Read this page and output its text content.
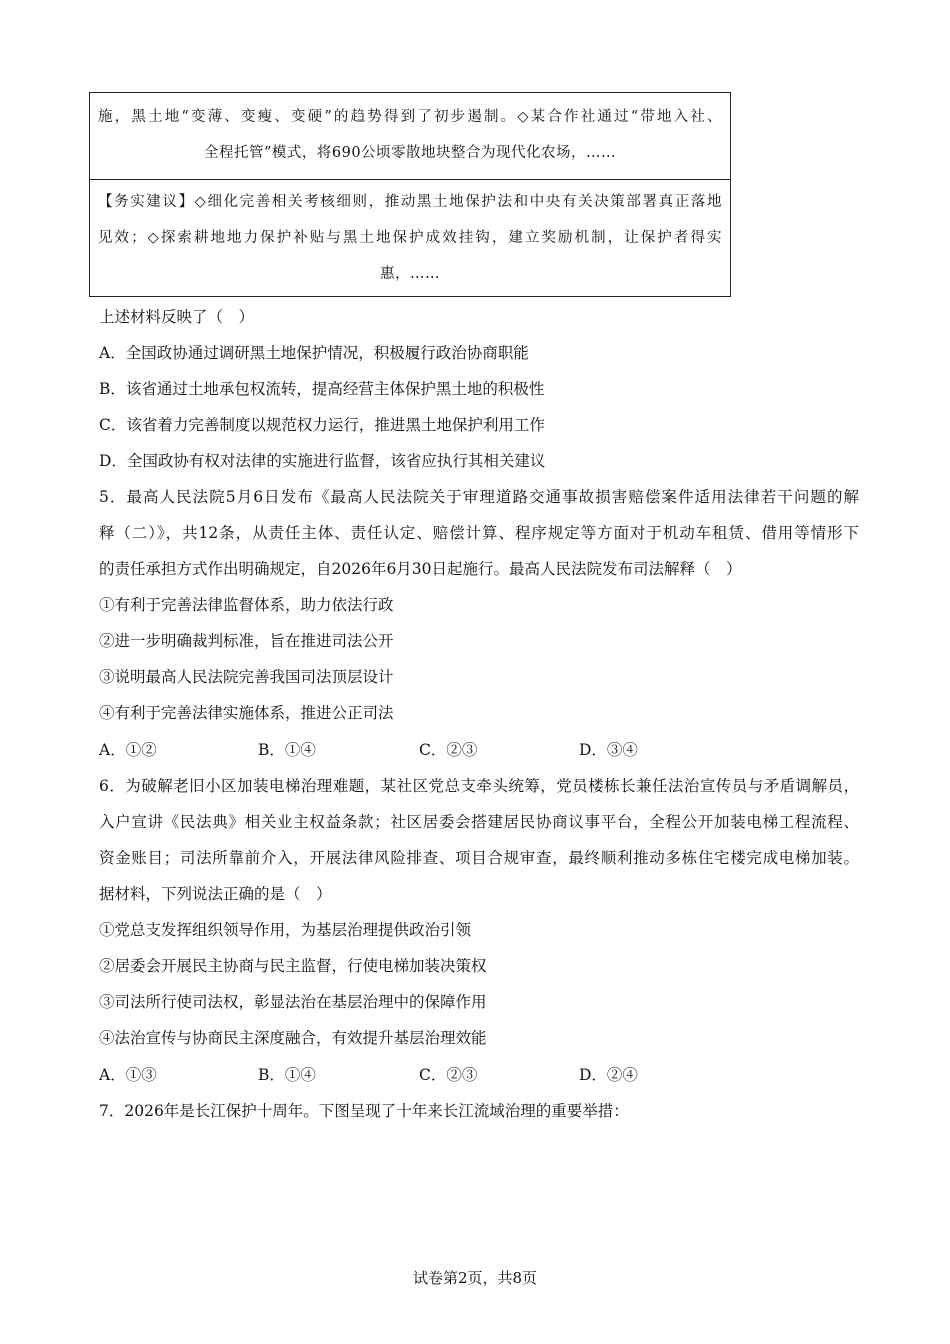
施，黑土地“变薄、变瘦、变硬”的趋势得到了初步遏制。◇某合作社通过“带地入社、
全程托管”模式，将690公顷零散地块整合为现代化农场，……
【务实建议】◇细化完善相关考核细则，推动黑土地保护法和中央有关决策部署真正落地
见效；◇探索耕地地力保护补贴与黑土地保护成效挂钩，建立奖励机制，让保护者得实
惠，……
上述材料反映了（　）
A．全国政协通过调研黑土地保护情况，积极履行政治协商职能
B．该省通过土地承包权流转，提高经营主体保护黑土地的积极性
C．该省着力完善制度以规范权力运行，推进黑土地保护利用工作
D．全国政协有权对法律的实施进行监督，该省应执行其相关建议
5．最高人民法院5月6日发布《最高人民法院关于审理道路交通事故损害赔偿案件适用法律若干问题的解
释（二）》，共12条，从责任主体、责任认定、赔偿计算、程序规定等方面对于机动车租赁、借用等情形下
的责任承担方式作出明确规定，自2026年6月30日起施行。最高人民法院发布司法解释（　）
①有利于完善法律监督体系，助力依法行政
②进一步明确裁判标准，旨在推进司法公开
③说明最高人民法院完善我国司法顶层设计
④有利于完善法律实施体系，推进公正司法
A．①②	B．①④	C．②③	D．③④
6．为破解老旧小区加装电梯治理难题，某社区党总支牵头统筹，党员楼栋长兼任法治宣传员与矛盾调解员，
入户宣讲《民法典》相关业主权益条款；社区居委会搭建居民协商议事平台，全程公开加装电梯工程流程、
资金账目；司法所靠前介入，开展法律风险排查、项目合规审查，最终顺利推动多栋住宅楼完成电梯加装。
据材料，下列说法正确的是（　）
①党总支发挥组织领导作用，为基层治理提供政治引领
②居委会开展民主协商与民主监督，行使电梯加装决策权
③司法所行使司法权，彰显法治在基层治理中的保障作用
④法治宣传与协商民主深度融合，有效提升基层治理效能
A．①③	B．①④	C．②③	D．②④
7．2026年是长江保护十周年。下图呈现了十年来长江流域治理的重要举措：
试卷第2页，共8页
